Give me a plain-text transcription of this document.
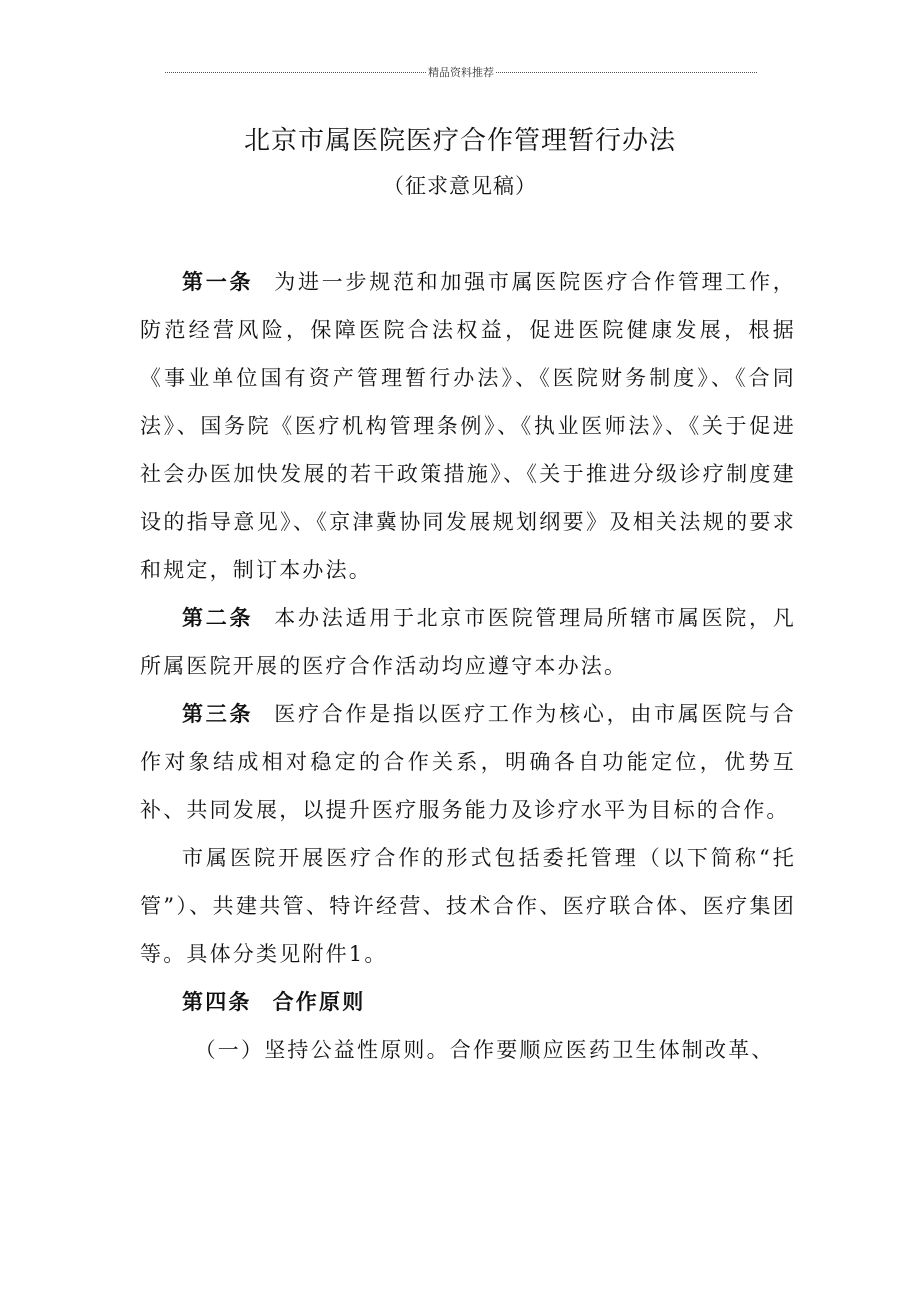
精品资料推荐
北京市属医院医疗合作管理暂行办法
（征求意见稿）

第一条 为进一步规范和加强市属医院医疗合作管理工作，防范经营风险，保障医院合法权益，促进医院健康发展，根据《事业单位国有资产管理暂行办法》、《医院财务制度》、《合同法》、国务院《医疗机构管理条例》、《执业医师法》、《关于促进社会办医加快发展的若干政策措施》、《关于推进分级诊疗制度建设的指导意见》、《京津冀协同发展规划纲要》及相关法规的要求和规定，制订本办法。

第二条 本办法适用于北京市医院管理局所辖市属医院，凡所属医院开展的医疗合作活动均应遵守本办法。

第三条 医疗合作是指以医疗工作为核心，由市属医院与合作对象结成相对稳定的合作关系，明确各自功能定位，优势互补、共同发展，以提升医疗服务能力及诊疗水平为目标的合作。

市属医院开展医疗合作的形式包括委托管理（以下简称“托管”）、共建共管、特许经营、技术合作、医疗联合体、医疗集团等。具体分类见附件1。

第四条 合作原则

（一）坚持公益性原则。合作要顺应医药卫生体制改革、
